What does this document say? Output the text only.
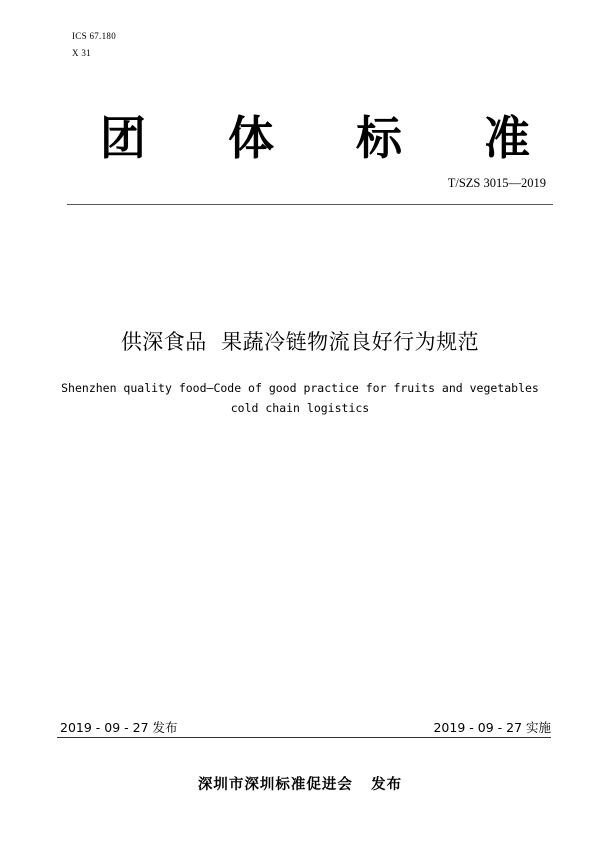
ICS 67.180
X 31
团 体 标 准
T/SZS 3015—2019
供深食品  果蔬冷链物流良好行为规范
Shenzhen quality food—Code of good practice for fruits and vegetables
cold chain logistics
2019 - 09 - 27 发布	2019 - 09 - 27 实施
深圳市深圳标准促进会   发布
